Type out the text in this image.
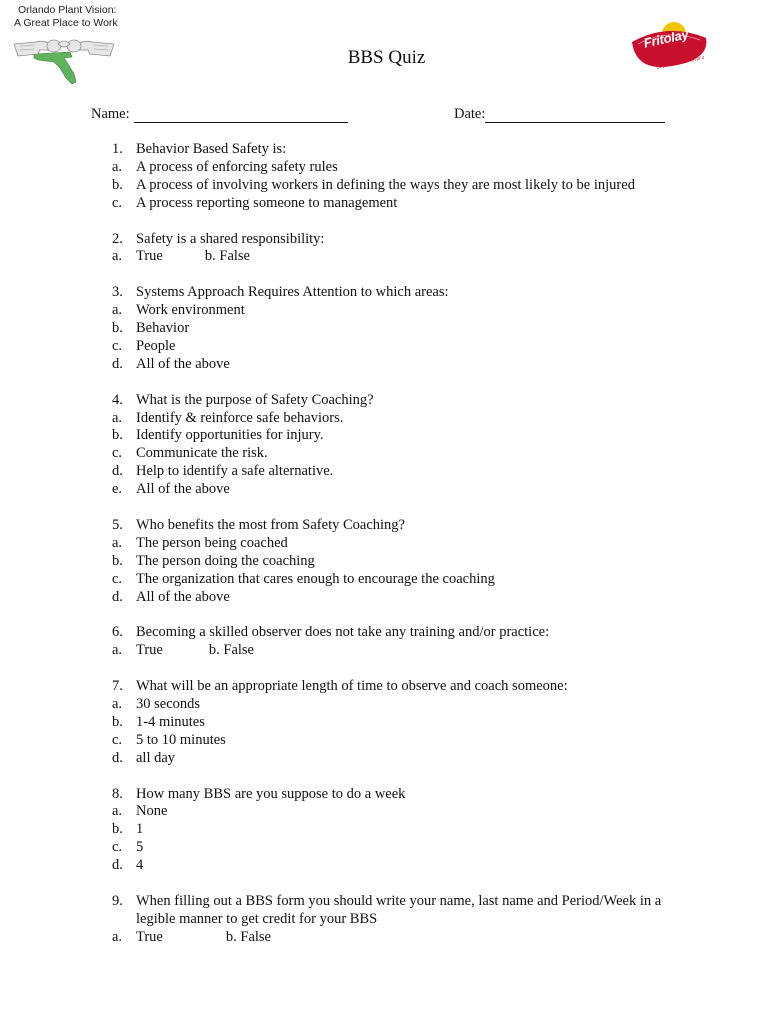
Orlando Plant Vision:
A Great Place to Work
Fritolay
Good fun for the fun of it
BBS Quiz
Name:	Date:
1. Behavior Based Safety is:
a. A process of enforcing safety rules
b. A process of involving workers in defining the ways they are most likely to be injured
c. A process reporting someone to management
2. Safety is a shared responsibility:
a. True	b. False
3. Systems Approach Requires Attention to which areas:
a. Work environment
b. Behavior
c. People
d. All of the above
4. What is the purpose of Safety Coaching?
a. Identify & reinforce safe behaviors.
b. Identify opportunities for injury.
c. Communicate the risk.
d. Help to identify a safe alternative.
e. All of the above
5. Who benefits the most from Safety Coaching?
a. The person being coached
b. The person doing the coaching
c. The organization that cares enough to encourage the coaching
d. All of the above
6. Becoming a skilled observer does not take any training and/or practice:
a. True	b. False
7. What will be an appropriate length of time to observe and coach someone:
a. 30 seconds
b. 1-4 minutes
c. 5 to 10 minutes
d. all day
8. How many BBS are you suppose to do a week
a. None
b. 1
c. 5
d. 4
9. When filling out a BBS form you should write your name, last name and Period/Week in a legible manner to get credit for your BBS
a. True	b. False
